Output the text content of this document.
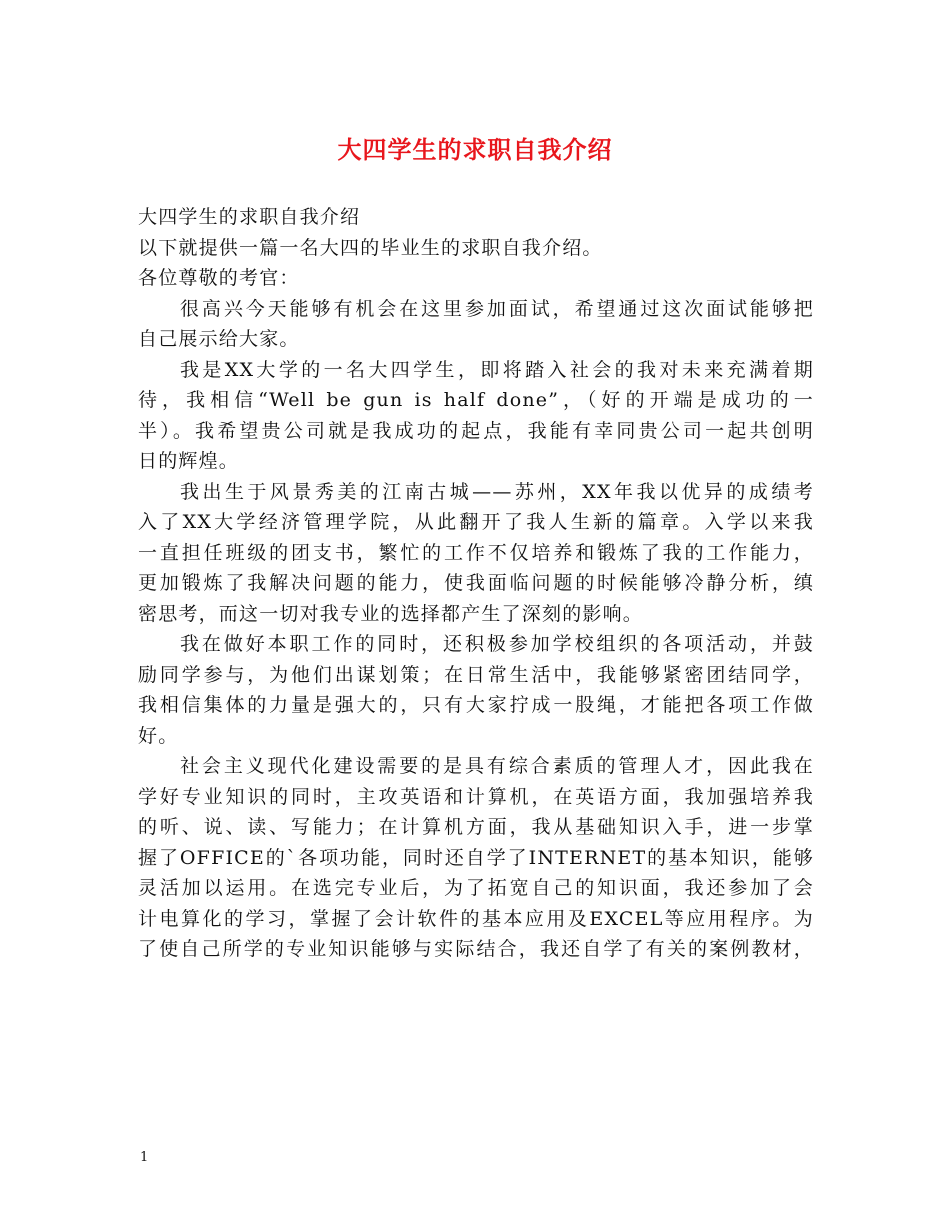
大四学生的求职自我介绍

大四学生的求职自我介绍

以下就提供一篇一名大四的毕业生的求职自我介绍。

各位尊敬的考官：

很高兴今天能够有机会在这里参加面试，希望通过这次面试能够把

自己展示给大家。

我是XX大学的一名大四学生，即将踏入社会的我对未来充满着期

待，我相信“Well be gun is half done”，（好的开端是成功的一

半）。我希望贵公司就是我成功的起点，我能有幸同贵公司一起共创明

日的辉煌。

我出生于风景秀美的江南古城——苏州，XX年我以优异的成绩考

入了XX大学经济管理学院，从此翻开了我人生新的篇章。入学以来我

一直担任班级的团支书，繁忙的工作不仅培养和锻炼了我的工作能力，

更加锻炼了我解决问题的能力，使我面临问题的时候能够冷静分析，缜

密思考，而这一切对我专业的选择都产生了深刻的影响。

我在做好本职工作的同时，还积极参加学校组织的各项活动，并鼓

励同学参与，为他们出谋划策；在日常生活中，我能够紧密团结同学，

我相信集体的力量是强大的，只有大家拧成一股绳，才能把各项工作做

好。

社会主义现代化建设需要的是具有综合素质的管理人才，因此我在

学好专业知识的同时，主攻英语和计算机，在英语方面，我加强培养我

的听、说、读、写能力；在计算机方面，我从基础知识入手，进一步掌

握了OFFICE的`各项功能，同时还自学了INTERNET的基本知识，能够

灵活加以运用。在选完专业后，为了拓宽自己的知识面，我还参加了会

计电算化的学习，掌握了会计软件的基本应用及EXCEL等应用程序。为

了使自己所学的专业知识能够与实际结合，我还自学了有关的案例教材，

1
